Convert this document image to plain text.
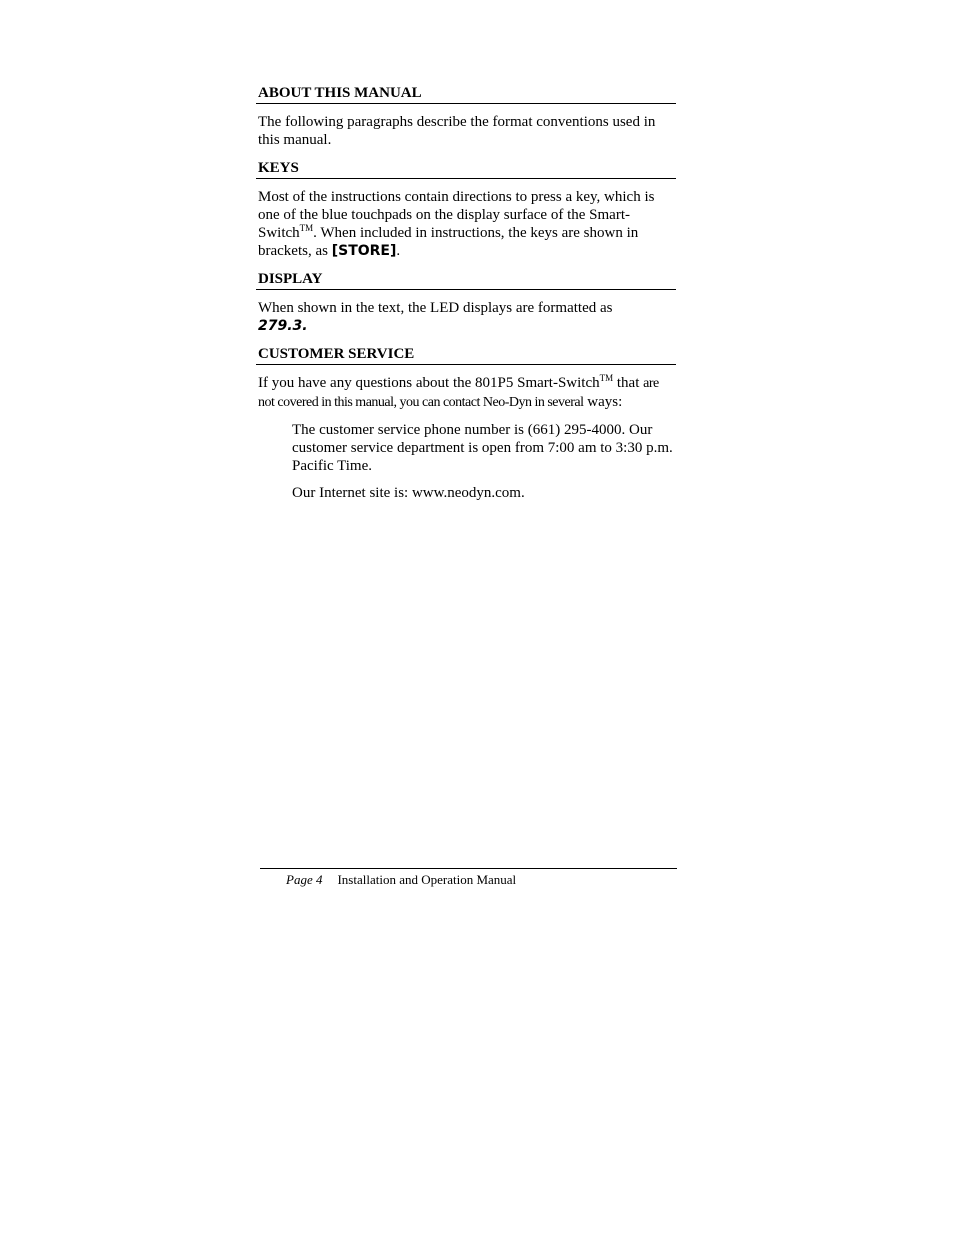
ABOUT THIS MANUAL

The following paragraphs describe the format conventions used in this manual.

KEYS

Most of the instructions contain directions to press a key, which is one of the blue touchpads on the display surface of the Smart-Switch™. When included in instructions, the keys are shown in brackets, as [STORE].

DISPLAY

When shown in the text, the LED displays are formatted as
279.3.

CUSTOMER SERVICE

If you have any questions about the 801P5 Smart-Switch™ that are not covered in this manual, you can contact Neo-Dyn in several ways:

The customer service phone number is (661) 295-4000. Our customer service department is open from 7:00 am to 3:30 p.m. Pacific Time.

Our Internet site is: www.neodyn.com.

Page 4 Installation and Operation Manual
